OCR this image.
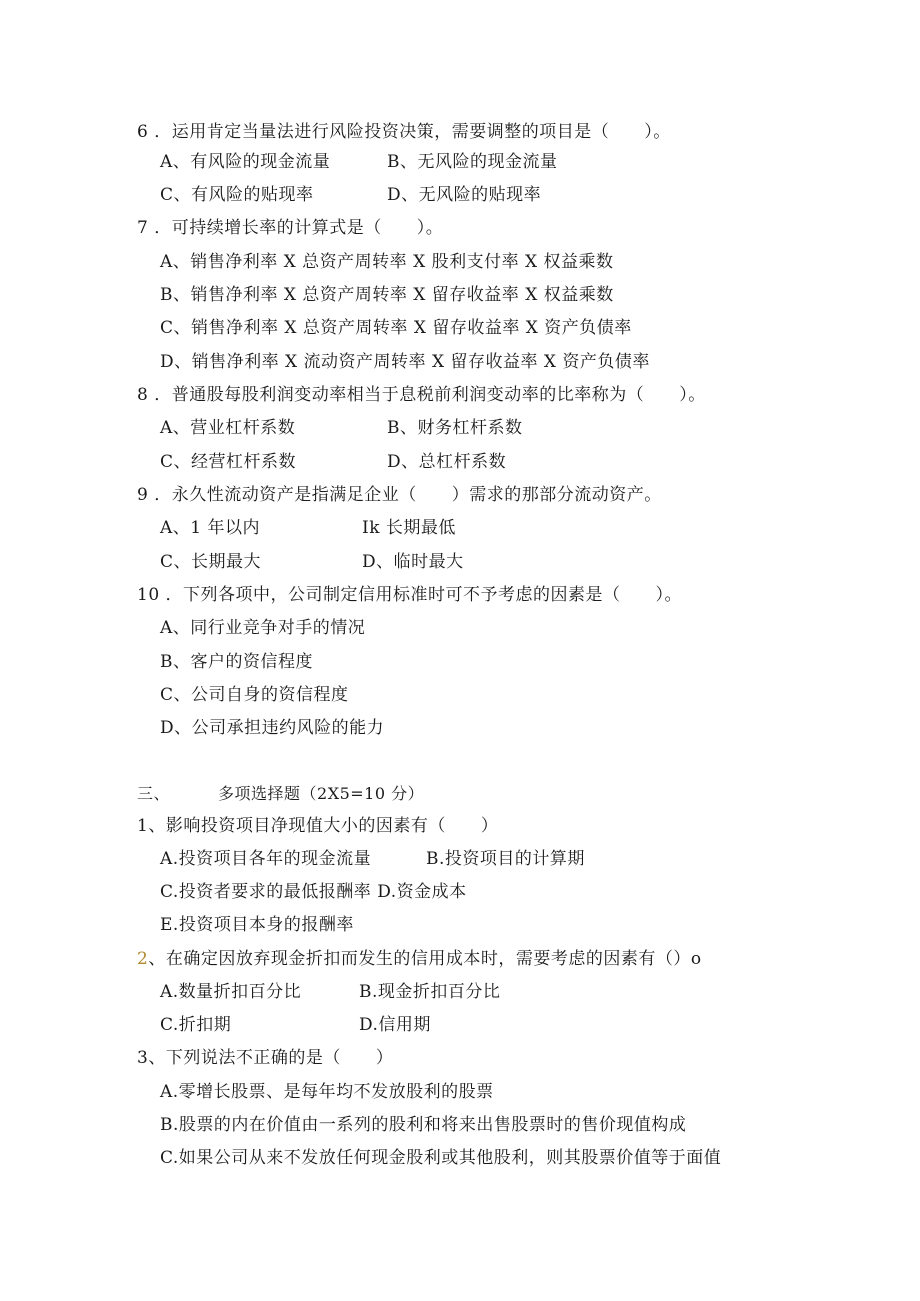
6 ．运用肯定当量法进行风险投资决策，需要调整的项目是（　　）。
A、有风险的现金流量	B、无风险的现金流量
C、有风险的贴现率	D、无风险的贴现率
7 ．可持续增长率的计算式是（　　）。
A、销售净利率 X 总资产周转率 X 股利支付率 X 权益乘数
B、销售净利率 X 总资产周转率 X 留存收益率 X 权益乘数
C、销售净利率 X 总资产周转率 X 留存收益率 X 资产负债率
D、销售净利率 X 流动资产周转率 X 留存收益率 X 资产负债率
8 ．普通股每股利润变动率相当于息税前利润变动率的比率称为（　　）。
A、营业杠杆系数	B、财务杠杆系数
C、经营杠杆系数	D、总杠杆系数
9 ．永久性流动资产是指满足企业（　　）需求的那部分流动资产。
A、1 年以内	Ik 长期最低
C、长期最大	D、临时最大
10 ．下列各项中，公司制定信用标准时可不予考虑的因素是（　　）。
A、同行业竞争对手的情况
B、客户的资信程度
C、公司自身的资信程度
D、公司承担违约风险的能力
三、	多项选择题（2X5=10 分）
1、影响投资项目净现值大小的因素有（　　）
A.投资项目各年的现金流量	B.投资项目的计算期
C.投资者要求的最低报酬率 D.资金成本
E.投资项目本身的报酬率
2、在确定因放弃现金折扣而发生的信用成本时，需要考虑的因素有（）o
A.数量折扣百分比	B.现金折扣百分比
C.折扣期	D.信用期
3、下列说法不正确的是（　　）
A.零增长股票、是每年均不发放股利的股票
B.股票的内在价值由一系列的股利和将来出售股票时的售价现值构成
C.如果公司从来不发放任何现金股利或其他股利，则其股票价值等于面值
